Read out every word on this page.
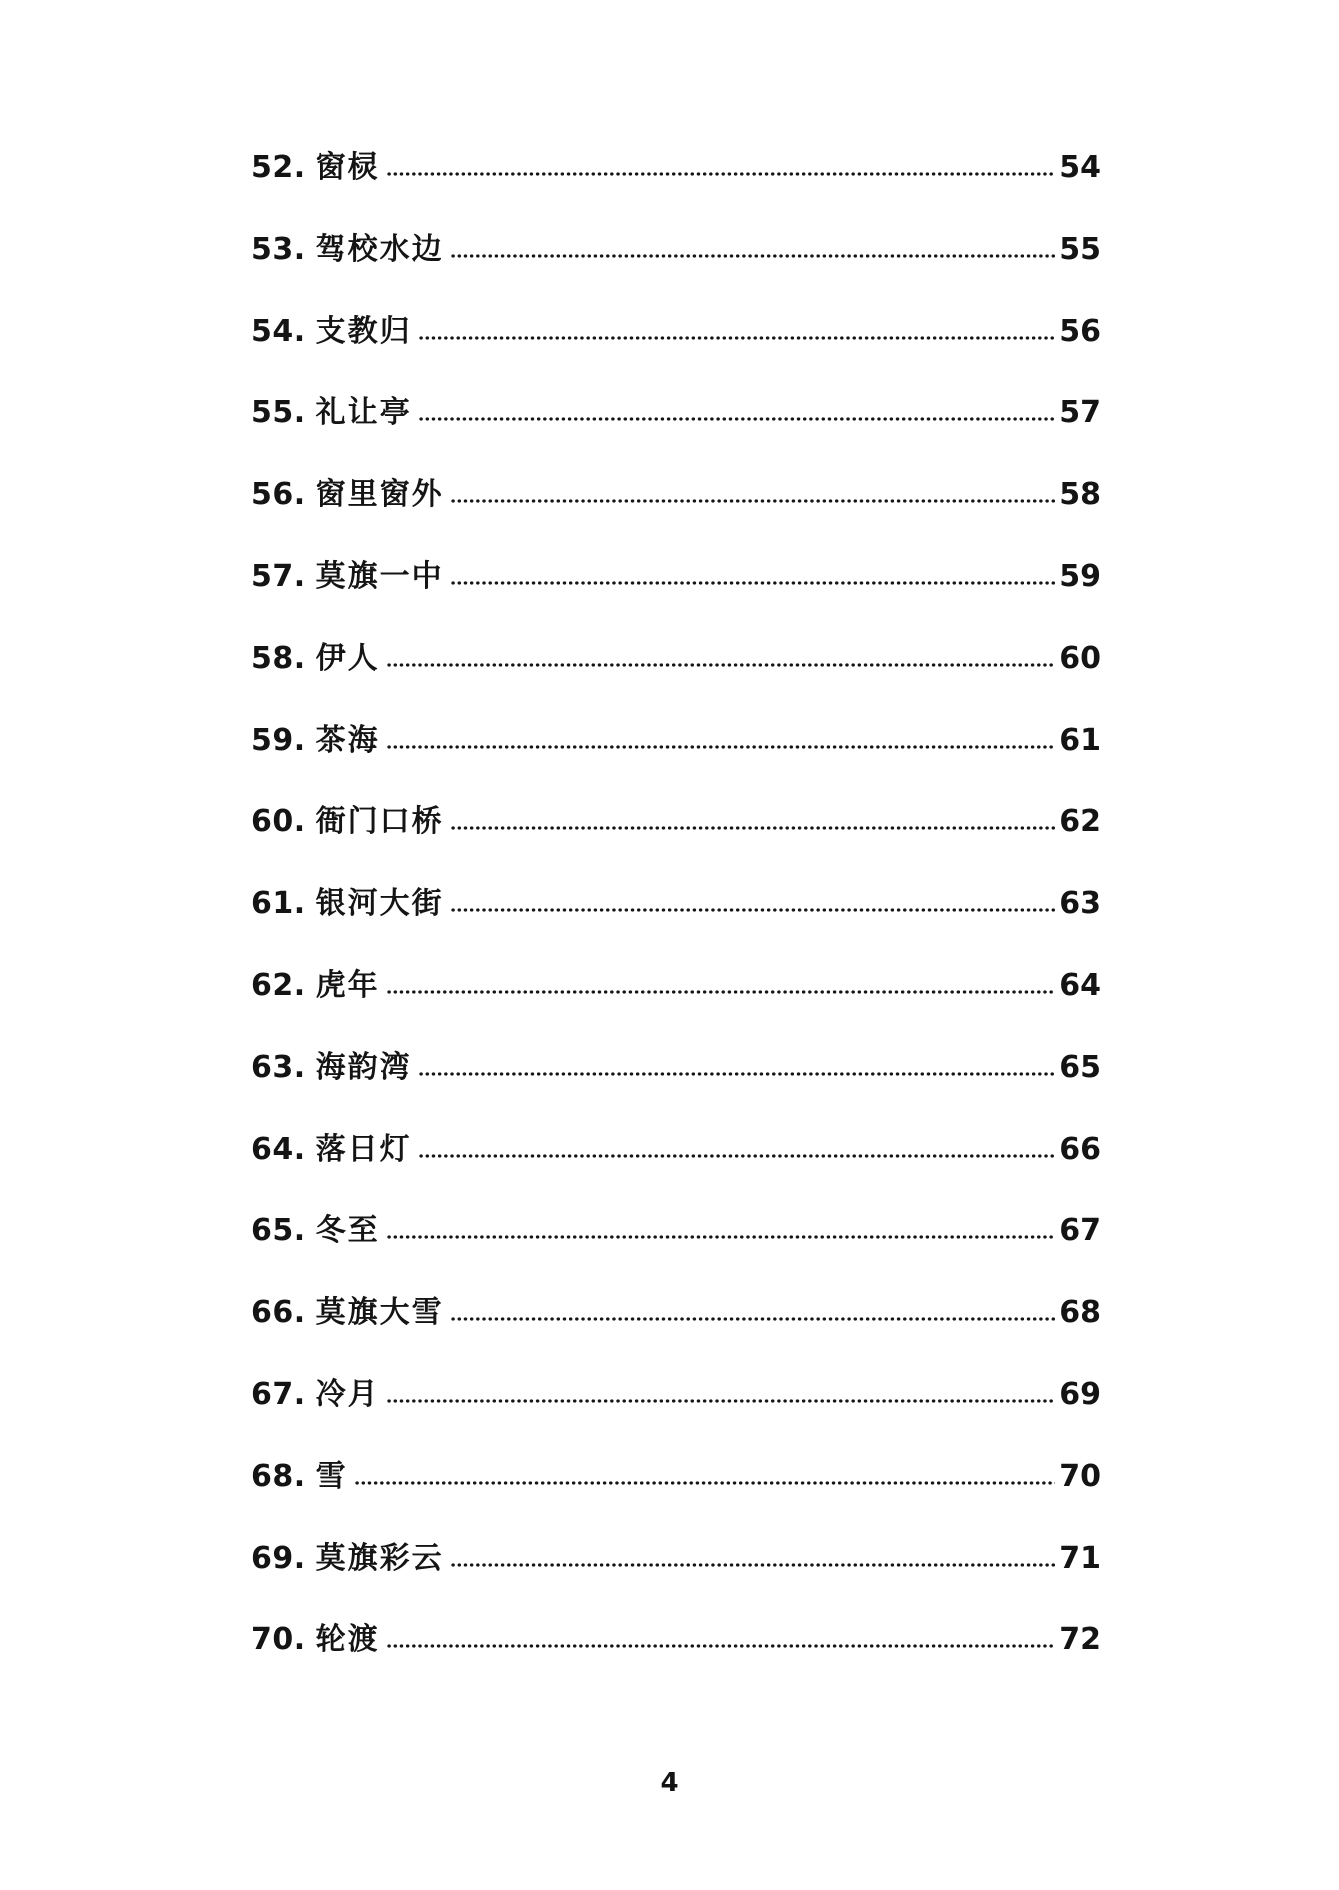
52. 窗棂	54
53. 驾校水边	55
54. 支教归	56
55. 礼让亭	57
56. 窗里窗外	58
57. 莫旗一中	59
58. 伊人	60
59. 茶海	61
60. 衙门口桥	62
61. 银河大街	63
62. 虎年	64
63. 海韵湾	65
64. 落日灯	66
65. 冬至	67
66. 莫旗大雪	68
67. 冷月	69
68. 雪	70
69. 莫旗彩云	71
70. 轮渡	72
4
